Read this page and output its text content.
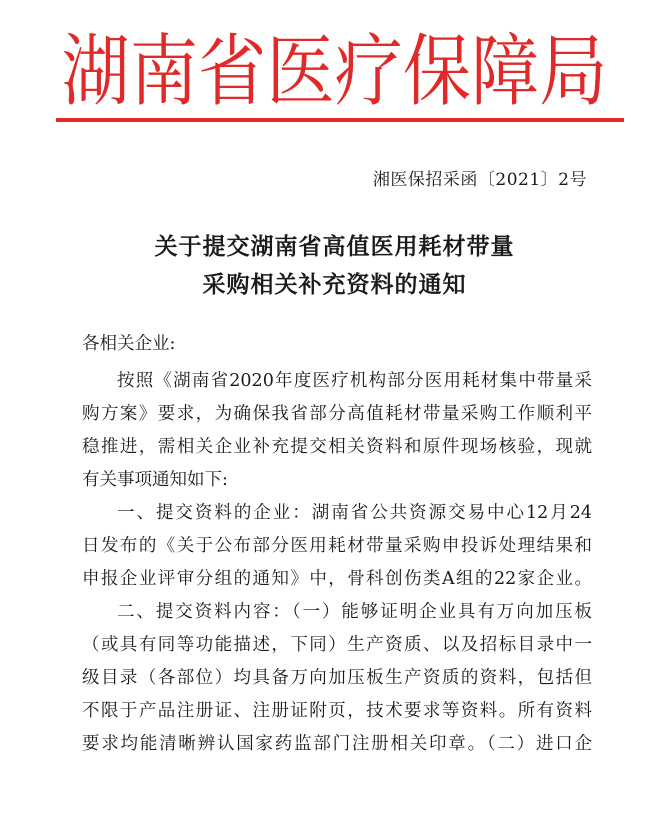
湖南省医疗保障局
湘医保招采函〔2021〕2号
关于提交湖南省高值医用耗材带量
采购相关补充资料的通知
各相关企业:
按照《湖南省2020年度医疗机构部分医用耗材集中带量采
购方案》要求，为确保我省部分高值耗材带量采购工作顺利平
稳推进，需相关企业补充提交相关资料和原件现场核验，现就
有关事项通知如下:
一、提交资料的企业：湖南省公共资源交易中心12月24
日发布的《关于公布部分医用耗材带量采购申投诉处理结果和
申报企业评审分组的通知》中，骨科创伤类A组的22家企业。
二、提交资料内容：（一）能够证明企业具有万向加压板
（或具有同等功能描述，下同）生产资质、以及招标目录中一
级目录（各部位）均具备万向加压板生产资质的资料，包括但
不限于产品注册证、注册证附页，技术要求等资料。所有资料
要求均能清晰辨认国家药监部门注册相关印章。（二）进口企
